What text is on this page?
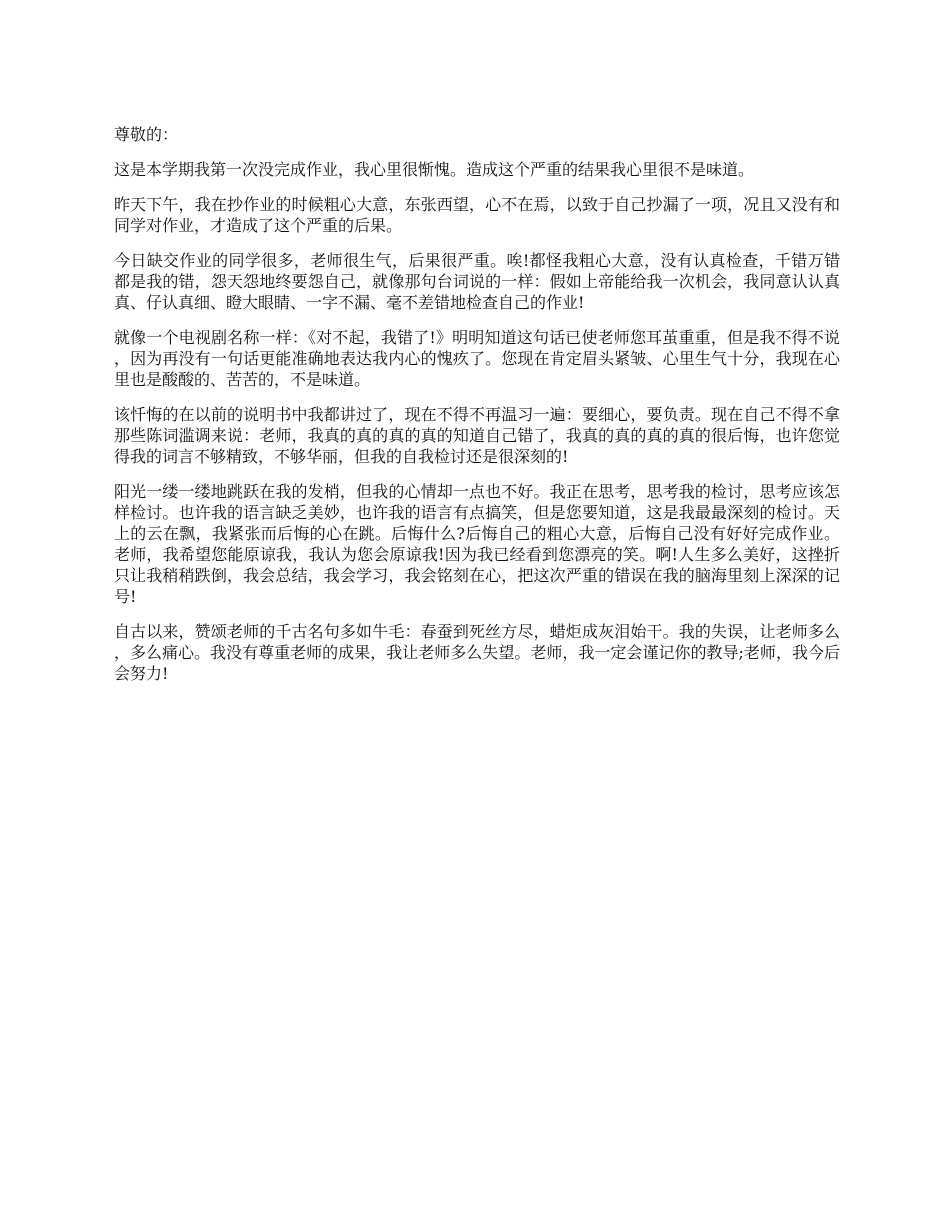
尊敬的：

这是本学期我第一次没完成作业，我心里很惭愧。造成这个严重的结果我心里很不是味道。

昨天下午，我在抄作业的时候粗心大意，东张西望，心不在焉，以致于自己抄漏了一项，况且又没有和同学对作业，才造成了这个严重的后果。

今日缺交作业的同学很多，老师很生气，后果很严重。唉!都怪我粗心大意，没有认真检查，千错万错都是我的错，怨天怨地终要怨自己，就像那句台词说的一样：假如上帝能给我一次机会，我同意认认真真、仔认真细、瞪大眼睛、一字不漏、毫不差错地检查自己的作业!

就像一个电视剧名称一样：《对不起，我错了!》明明知道这句话已使老师您耳茧重重，但是我不得不说，因为再没有一句话更能准确地表达我内心的愧疚了。您现在肯定眉头紧皱、心里生气十分，我现在心里也是酸酸的、苦苦的，不是味道。

该忏悔的在以前的说明书中我都讲过了，现在不得不再温习一遍：要细心，要负责。现在自己不得不拿那些陈词滥调来说：老师，我真的真的真的真的知道自己错了，我真的真的真的真的很后悔，也许您觉得我的词言不够精致，不够华丽，但我的自我检讨还是很深刻的!

阳光一缕一缕地跳跃在我的发梢，但我的心情却一点也不好。我正在思考，思考我的检讨，思考应该怎样检讨。也许我的语言缺乏美妙，也许我的语言有点搞笑，但是您要知道，这是我最最深刻的检讨。天上的云在飘，我紧张而后悔的心在跳。后悔什么?后悔自己的粗心大意，后悔自己没有好好完成作业。老师，我希望您能原谅我，我认为您会原谅我!因为我已经看到您漂亮的笑。啊!人生多么美好，这挫折只让我稍稍跌倒，我会总结，我会学习，我会铭刻在心，把这次严重的错误在我的脑海里刻上深深的记号!

自古以来，赞颂老师的千古名句多如牛毛：春蚕到死丝方尽，蜡炬成灰泪始干。我的失误，让老师多么，多么痛心。我没有尊重老师的成果，我让老师多么失望。老师，我一定会谨记你的教导;老师，我今后会努力!
